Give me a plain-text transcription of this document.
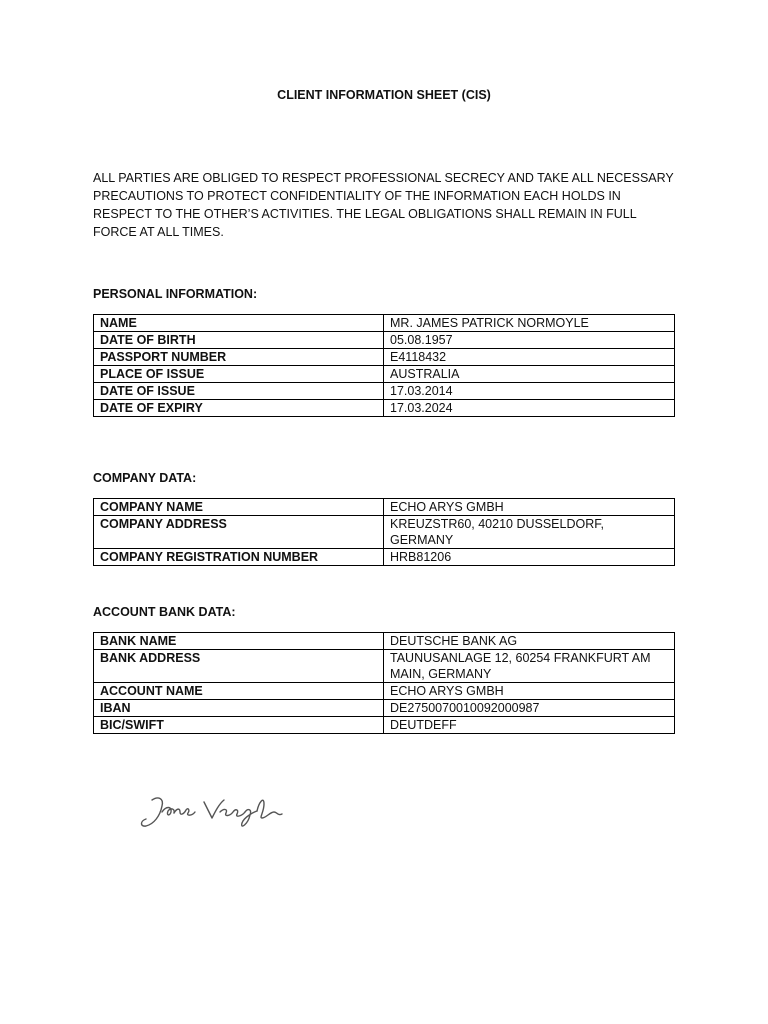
CLIENT INFORMATION SHEET (CIS)
ALL PARTIES ARE OBLIGED TO RESPECT PROFESSIONAL SECRECY AND TAKE ALL NECESSARY PRECAUTIONS TO PROTECT CONFIDENTIALITY OF THE INFORMATION EACH HOLDS IN RESPECT TO THE OTHER’S ACTIVITIES. THE LEGAL OBLIGATIONS SHALL REMAIN IN FULL FORCE AT ALL TIMES.
PERSONAL INFORMATION:
NAME	MR. JAMES PATRICK NORMOYLE
DATE OF BIRTH	05.08.1957
PASSPORT NUMBER	E4118432
PLACE OF ISSUE	AUSTRALIA
DATE OF ISSUE	17.03.2014
DATE OF EXPIRY	17.03.2024
COMPANY DATA:
COMPANY NAME	ECHO ARYS GMBH
COMPANY ADDRESS	KREUZSTR60, 40210 DUSSELDORF, GERMANY
COMPANY REGISTRATION NUMBER	HRB81206
ACCOUNT BANK DATA:
BANK NAME	DEUTSCHE BANK AG
BANK ADDRESS	TAUNUSANLAGE 12, 60254 FRANKFURT AM MAIN, GERMANY
ACCOUNT NAME	ECHO ARYS GMBH
IBAN	DE2750070010092000987
BIC/SWIFT	DEUTDEFF
